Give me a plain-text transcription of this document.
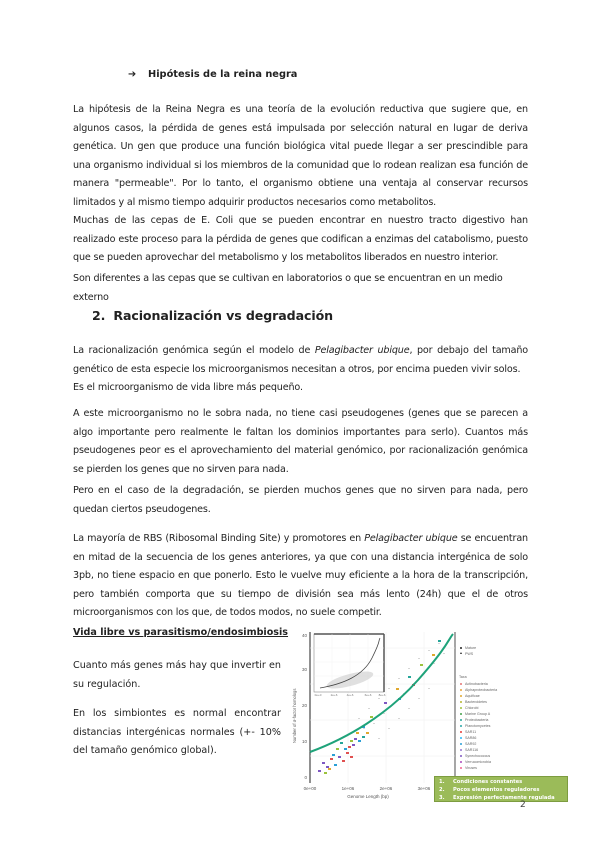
➔ Hipótesis de la reina negra
La hipótesis de la Reina Negra es una teoría de la evolución reductiva que sugiere que, en algunos casos, la pérdida de genes está impulsada por selección natural en lugar de deriva genética. Un gen que produce una función biológica vital puede llegar a ser prescindible para una organismo individual si los miembros de la comunidad que lo rodean realizan esa función de manera "permeable". Por lo tanto, el organismo obtiene una ventaja al conservar recursos limitados y al mismo tiempo adquirir productos necesarios como metabolitos.
Muchas de las cepas de E. Coli que se pueden encontrar en nuestro tracto digestivo han realizado este proceso para la pérdida de genes que codifican a enzimas del catabolismo, puesto que se pueden aprovechar del metabolismo y los metabolitos liberados en nuestro interior.
Son diferentes a las cepas que se cultivan en laboratorios o que se encuentran en un medio externo
2. Racionalización vs degradación
La racionalización genómica según el modelo de Pelagibacter ubique, por debajo del tamaño genético de esta especie los microorganismos necesitan a otros, por encima pueden vivir solos.
Es el microorganismo de vida libre más pequeño.
A este microorganismo no le sobra nada, no tiene casi pseudogenes (genes que se parecen a algo importante pero realmente le faltan los dominios importantes para serlo). Cuantos más pseudogenes peor es el aprovechamiento del material genómico, por racionalización genómica se pierden los genes que no sirven para nada.
Pero en el caso de la degradación, se pierden muchos genes que no sirven para nada, pero quedan ciertos pseudogenes.
La mayoría de RBS (Ribosomal Binding Site) y promotores en Pelagibacter ubique se encuentran en mitad de la secuencia de los genes anteriores, ya que con una distancia intergénica de solo 3pb, no tiene espacio en que ponerlo. Esto le vuelve muy eficiente a la hora de la transcripción, pero también comporta que su tiempo de división sea más lento (24h) que el de otros microorganismos con los que, de todos modos, no suele competir.
Vida libre vs parasitismo/endosimbiosis
Cuanto más genes más hay que invertir en su regulación.
En los simbiontes es normal encontrar distancias intergénicas normales (+- 10% del tamaño genómico global).
0
10
20
30
40
0e+00	1e+06	2e+06	3e+06
Genome Length (bp)
Number of σ-factor homologs	0e+0	2e+6	4e+6	6e+6 8e+6
Mature
PWS
Taxa
Actinobacteria
Alphaproteobacteria
Aquificae
Bacteroidetes
Chlorobi
Marine Group A
Proteobacteria
Planctomycetes
SAR11
SAR86
SAR92
SAR116
Synechococcus
Verrucomicrobia
Viruses
1. Condiciones constantes
2. Pocos elementos reguladores
3. Expresión perfectamente regulada
2
